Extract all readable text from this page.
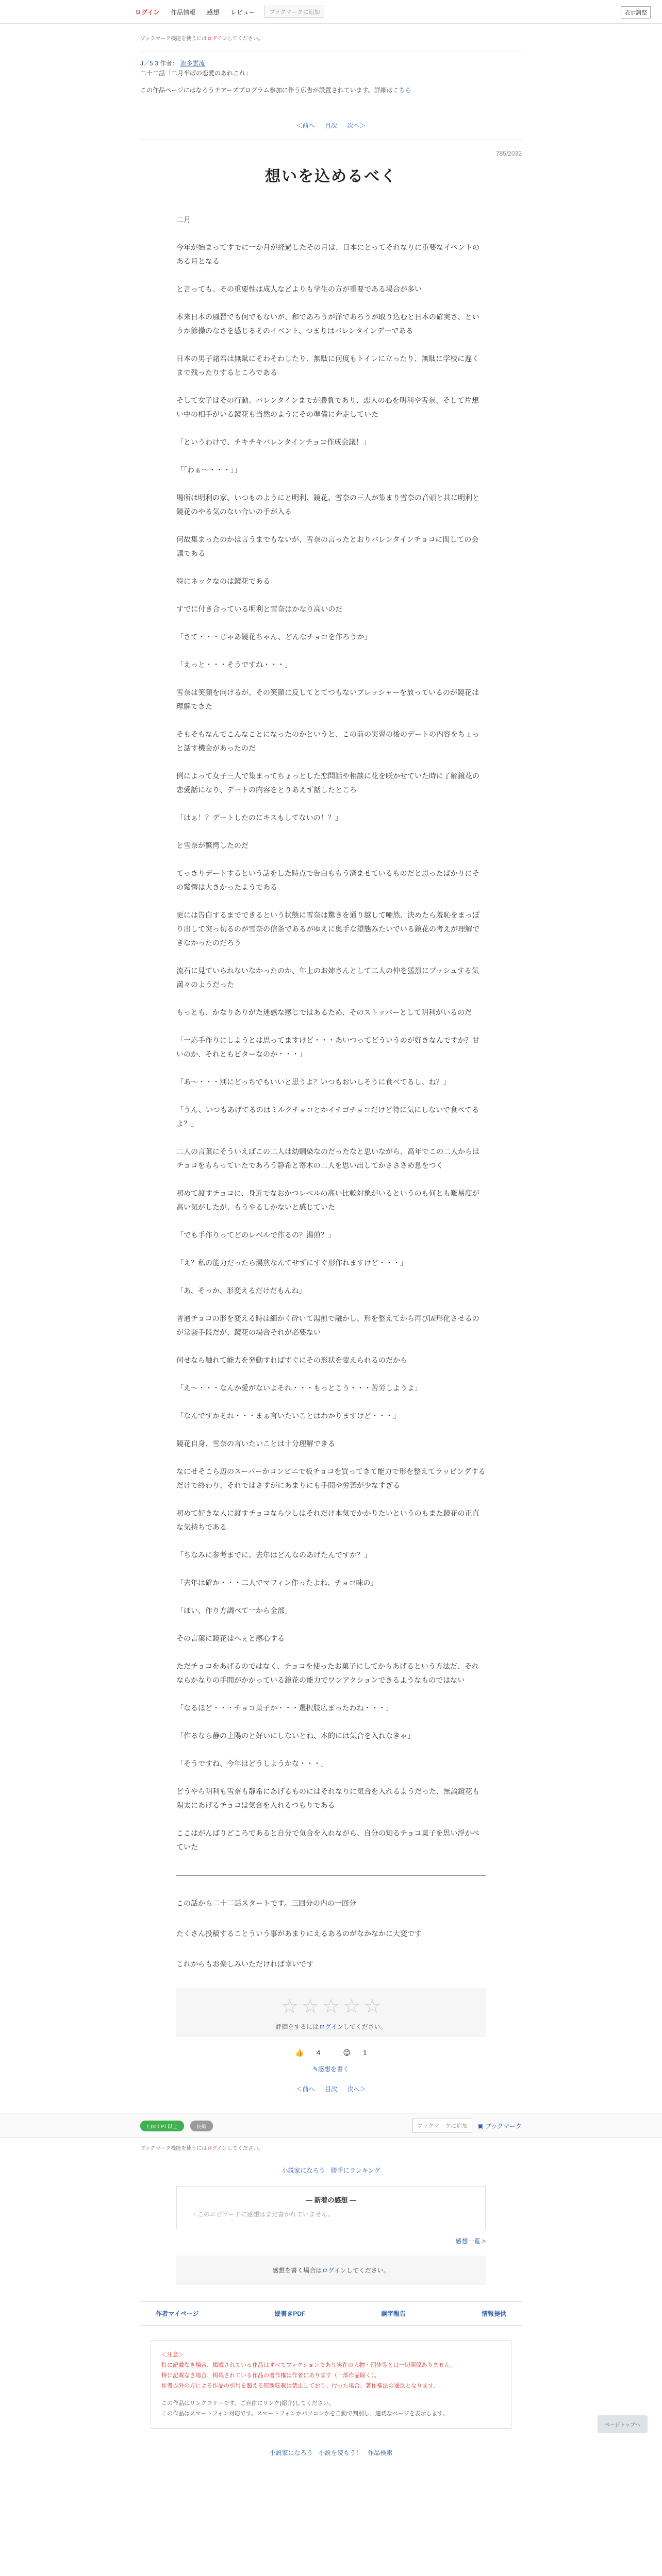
ログイン 作品情報 感想 レビュー	ブックマークに追加	表示調整
ブックマーク機能を使うにはログインしてください。
J／5 3 作者： 流多雲流
二十二話「二月半ばの恋愛のあれこれ」
この作品ページにはなろうチアーズプログラム参加に伴う広告が設置されています。詳細はこちら
＜前へ 目次 次へ＞
785/2032
想いを込めるべく

二月

今年が始まってすでに一か月が経過したその月は、日本にとってそれなりに重要なイベントのある月となる

と言っても、その重要性は成人などよりも学生の方が重要である場合が多い

本来日本の風習でも何でもないが、和であろうが洋であろうが取り込むと日本の確実さ、というか節操のなさを感じるそのイベント、つまりはバレンタインデーである

日本の男子諸君は無駄にそわそわしたり、無駄に何度もトイレに立ったり、無駄に学校に遅くまで残ったりするところである

そして女子はその行動、バレンタインまでが勝負であり、恋人の心を明利や雪奈、そして片想い中の相手がいる鏡花も当然のようにその準備に奔走していた

「というわけで、チキチキバレンタインチョコ作成会議！」

「「わぁ～・・・」」

場所は明利の家、いつものようにと明利、鏡花、雪奈の三人が集まり雪奈の音頭と共に明利と鏡花のやる気のない合いの手が入る

何故集まったのかは言うまでもないが、雪奈の言ったとおりバレンタインチョコに関しての会議である

特にネックなのは鏡花である

すでに付き合っている明利と雪奈はかなり高いのだ

「さて・・・じゃあ鏡花ちゃん、どんなチョコを作ろうか」

「えっと・・・そうですね・・・」

雪奈は笑顔を向けるが、その笑顔に反してとてつもないプレッシャーを放っているのが鏡花は理解できた

そもそもなんでこんなことになったのかというと、この前の実習の後のデートの内容をちょっと話す機会があったのだ

例によって女子三人で集まってちょっとした恋問話や相談に花を咲かせていた時に了解鏡花の恋愛話になり、デートの内容をとりあえず話したところ

「はぁ！？デートしたのにキスもしてないの！？」

と雪奈が驚愕したのだ

てっきりデートするという話をした時点で告白ももう済ませているものだと思ったばかりにその驚愕は大きかったようである

更には告白するまでできるという状態に雪奈は驚きを通り越して唖然、決めたら羞恥をまっぽり出して突っ切るのが雪奈の信条であるがゆえに奥手な望態みたいでいる鏡花の考えが理解できなかったのだろう

流石に見ていられないなかったのか、年上のお姉さんとして二人の仲を猛烈にプッシュする気満々のようだった

もっとも、かなりありがた迷惑な感じではあるため、そのストッパーとして明利がいるのだ

「一応手作りにしようとは思ってますけど・・・あいつってどういうのが好きなんですか？甘いのか、それともビターなのか・・・」

「あ～・・・別にどっちでもいいと思うよ？いつもおいしそうに食べてるし、ね？」

「うん、いつもあげてるのはミルクチョコとかイチゴチョコだけど特に気にしないで食べてるよ？」

二人の言葉にそういえばこの二人は幼馴染なのだったなと思いながら、高年でこの二人からはチョコをもらっていたであろう静希と寄木の二人を思い出してかさささめ息をつく

初めて渡すチョコに、身近でなおかつレベルの高い比較対象がいるというのも何とも難易度が高い気がしたが、もうやるしかないと感じていた

「でも手作りってどのレベルで作るの？湯煎？」

「え？私の能力だったら湯煎なんてせずにすぐ形作れますけど・・・」

「あ、そっか、形変えるだけだもんね」

普通チョコの形を変える時は細かく砕いて湯煎で融かし、形を整えてから再び固形化させるのが常套手段だが、鏡花の場合それが必要ない

何せなら触れて能力を発動すればすぐにその形状を変えられるのだから

「え～・・・なんか愛がないよそれ・・・もっとこう・・・苦労しようよ」

「なんですかそれ・・・まぁ言いたいことはわかりますけど・・・」

鏡花自身、雪奈の言いたいことは十分理解できる

なにせそこら辺のスーパーかコンビニで板チョコを買ってきて能力で形を整えてラッピングするだけで終わり、それではさすがにあまりにも手間や労苦が少なすぎる

初めて好きな人に渡すチョコなら少しはそれだけ本気でかかりたいというのもまた鏡花の正直な気持ちである

「ちなみに参考までに、去年はどんなのあげたんですか？」

「去年は確か・・・二人でマフィン作ったよね、チョコ味の」

「ほい、作り方調べて一から全部」

その言葉に鏡花はへぇと感心する

ただチョコをあげるのではなく、チョコを使ったお菓子にしてからあげるという方法だ、それならかなりの手間がかかっている鏡花の能力でワンアクションできるようなものではない

「なるほど・・・チョコ菓子か・・・選択肢広まったわね・・・」

「作るなら静の上陽のと好いにしないとね、本的には気合を入れなきゃ」

「そうですね、今年はどうしようかな・・・」

どうやら明利も雪奈も静希にあげるものにはそれなりに気合を入れるようだった、無論鏡花も陽太にあげるチョコは気合を入れるつもりである

ここはがんばりどころであると自分で気合を入れながら、自分の知るチョコ菓子を思い浮かべていた

この話から二十二話スタートです。三回分の内の一回分

たくさん投稿することういう事があまりにえるあるのがなかなかに大変です

これからもお楽しみいただければ幸いです

☆ ☆ ☆ ☆ ☆
評価をするにはログインしてください。
👍 4	😊 1
✎感想を書く
＜前へ 目次 次へ＞
1,000 PT以上	長編	ブックマークに追加	▣ ブックマーク
ブックマーク機能を使うにはログインしてください。
小説家になろう 勝手にランキング
— 新着の感想 —
・このエピソードに感想はまだ書かれていません。
感想一覧 >
感想を書く場合はログインしてください。
作者マイページ	縦書きPDF	誤字報告	情報提供
＜注意＞
特に記載なき場合、掲載されている作品はすべてフィクションであり実在の人物・団体等とは一切関係ありません。
特に記載なき場合、掲載されている作品の著作権は作者にあります（一部作品除く）。
作者以外の方による作品の引用を超える無断転載は禁止しており、行った場合、著作権法の違反となります。
この作品はリンクフリーです。ご自由にリンク(紹介)してください。
この作品はスマートフォン対応です。スマートフォンかパソコンかを自動で判別し、適切なページを表示します。
小説家になろう 小説を読もう！ 作品検索
ページトップへ
